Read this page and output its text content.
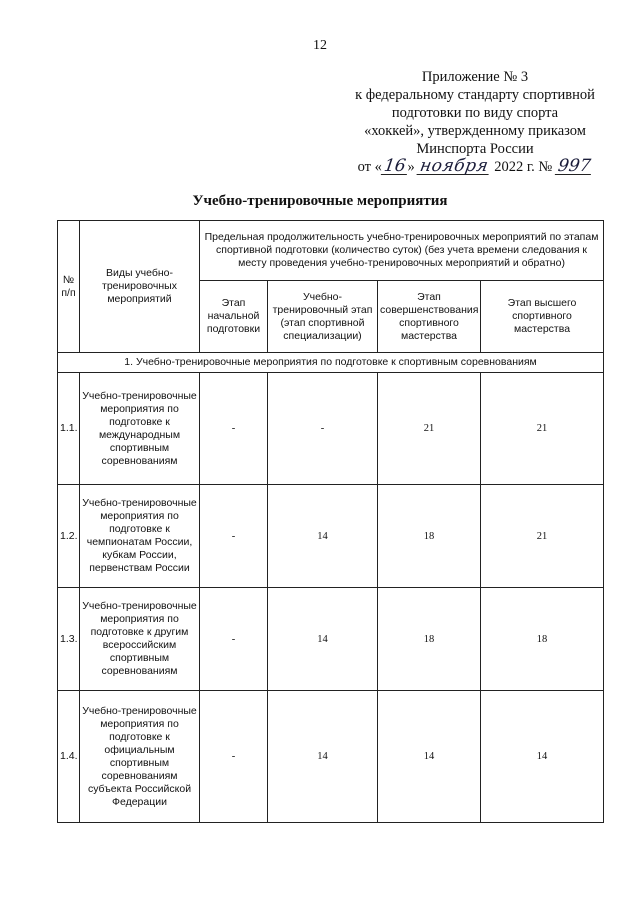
12
Приложение № 3
к федеральному стандарту спортивной
подготовки по виду спорта
«хоккей», утвержденному приказом
Минспорта России
от «16» ноября 2022 г. № 997
Учебно-тренировочные мероприятия
№ п/п	Виды учебно-тренировочных мероприятий	Предельная продолжительность учебно-тренировочных мероприятий по этапам спортивной подготовки (количество суток) (без учета времени следования к месту проведения учебно-тренировочных мероприятий и обратно)			
		Этап начальной подготовки	Учебно-тренировочный этап (этап спортивной специализации)	Этап совершенствования спортивного мастерства	Этап высшего спортивного мастерства
1. Учебно-тренировочные мероприятия по подготовке к спортивным соревнованиям					
1.1.	Учебно-тренировочные мероприятия по подготовке к международным спортивным соревнованиям	-	-	21	21
1.2.	Учебно-тренировочные мероприятия по подготовке к чемпионатам России, кубкам России, первенствам России	-	14	18	21
1.3.	Учебно-тренировочные мероприятия по подготовке к другим всероссийским спортивным соревнованиям	-	14	18	18
1.4.	Учебно-тренировочные мероприятия по подготовке к официальным спортивным соревнованиям субъекта Российской Федерации	-	14	14	14
